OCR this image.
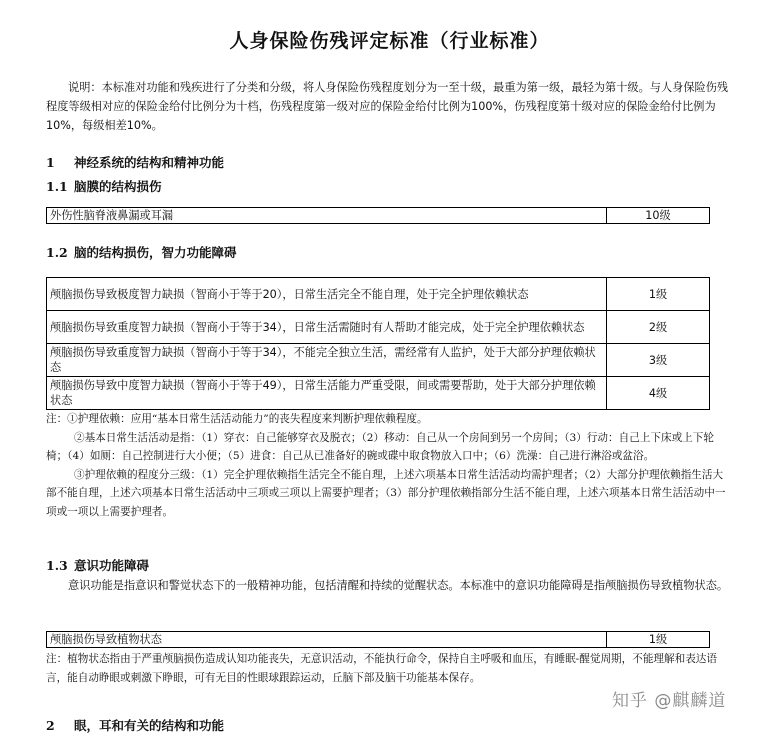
人身保险伤残评定标准（行业标准）
说明：本标准对功能和残疾进行了分类和分级，将人身保险伤残程度划分为一至十级，最重为第一级，最轻为第十级。与人身保险伤残程度等级相对应的保险金给付比例分为十档，伤残程度第一级对应的保险金给付比例为100%，伤残程度第十级对应的保险金给付比例为10%，每级相差10%。
1 神经系统的结构和精神功能
1.1 脑膜的结构损伤
外伤性脑脊液鼻漏或耳漏	10级
1.2 脑的结构损伤，智力功能障碍
颅脑损伤导致极度智力缺损（智商小于等于20），日常生活完全不能自理，处于完全护理依赖状态	1级
颅脑损伤导致重度智力缺损（智商小于等于34），日常生活需随时有人帮助才能完成，处于完全护理依赖状态	2级
颅脑损伤导致重度智力缺损（智商小于等于34），不能完全独立生活，需经常有人监护，处于大部分护理依赖状态	3级
颅脑损伤导致中度智力缺损（智商小于等于49），日常生活能力严重受限，间或需要帮助，处于大部分护理依赖状态	4级
注：①护理依赖：应用“基本日常生活活动能力”的丧失程度来判断护理依赖程度。
②基本日常生活活动是指：（1）穿衣：自己能够穿衣及脱衣；（2）移动：自己从一个房间到另一个房间；（3）行动：自己上下床或上下轮椅；（4）如厕：自己控制进行大小便；（5）进食：自己从已准备好的碗或碟中取食物放入口中；（6）洗澡：自己进行淋浴或盆浴。
③护理依赖的程度分三级：（1）完全护理依赖指生活完全不能自理，上述六项基本日常生活活动均需护理者；（2）大部分护理依赖指生活大部不能自理，上述六项基本日常生活活动中三项或三项以上需要护理者；（3）部分护理依赖指部分生活不能自理，上述六项基本日常生活活动中一项或一项以上需要护理者。
1.3 意识功能障碍
意识功能是指意识和警觉状态下的一般精神功能，包括清醒和持续的觉醒状态。本标准中的意识功能障碍是指颅脑损伤导致植物状态。
颅脑损伤导致植物状态	1级
注：植物状态指由于严重颅脑损伤造成认知功能丧失，无意识活动，不能执行命令，保持自主呼吸和血压，有睡眠-醒觉周期，不能理解和表达语言，能自动睁眼或刺激下睁眼，可有无目的性眼球跟踪运动，丘脑下部及脑干功能基本保存。
2 眼，耳和有关的结构和功能
知乎 @麒麟道
